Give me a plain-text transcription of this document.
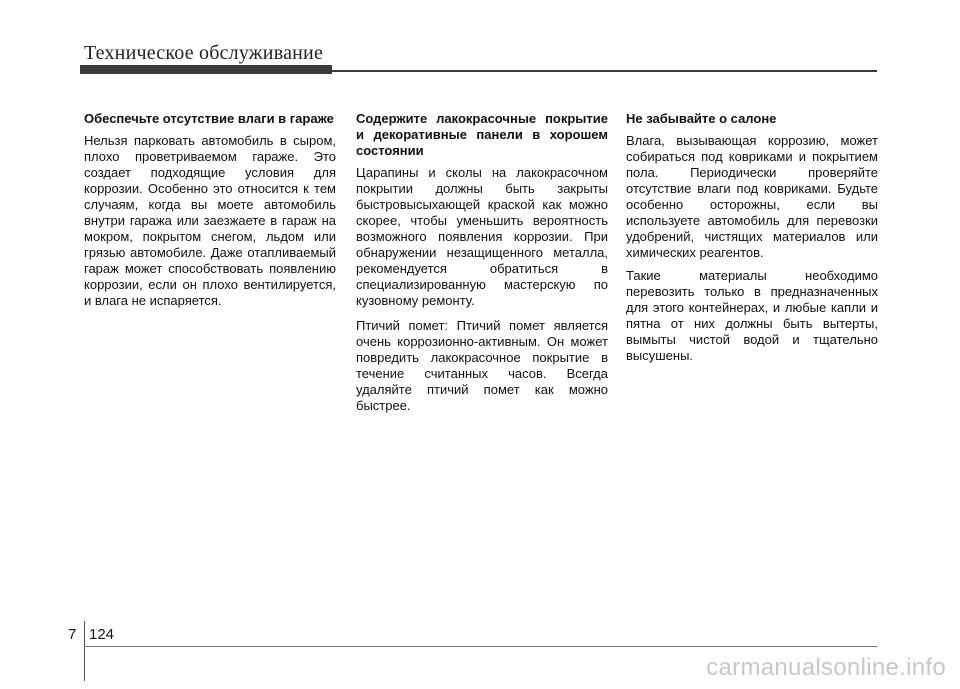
Техническое обслуживание
Обеспечьте отсутствие влаги в гараже

Нельзя парковать автомобиль в сыром, плохо проветриваемом гараже. Это создает подходящие условия для коррозии. Особенно это относится к тем случаям, когда вы моете автомобиль внутри гаража или заезжаете в гараж на мокром, покрытом снегом, льдом или грязью автомобиле. Даже отапливаемый гараж может способствовать появлению коррозии, если он плохо вентилируется, и влага не испаряется.

Содержите лакокрасочные покрытие и декоративные панели в хорошем состоянии

Царапины и сколы на лакокрасочном покрытии должны быть закрыты быстровысыхающей краской как можно скорее, чтобы уменьшить вероятность возможного появления коррозии. При обнаружении незащищенного металла, рекомендуется обратиться в специализированную мастерскую по кузовному ремонту.

Птичий помет: Птичий помет является очень коррозионно-активным. Он может повредить лакокрасочное покрытие в течение считанных часов. Всегда удаляйте птичий помет как можно быстрее.

Не забывайте о салоне

Влага, вызывающая коррозию, может собираться под ковриками и покрытием пола. Периодически проверяйте отсутствие влаги под ковриками. Будьте особенно осторожны, если вы используете автомобиль для перевозки удобрений, чистящих материалов или химических реагентов.

Такие материалы необходимо перевозить только в предназначенных для этого контейнерах, и любые капли и пятна от них должны быть вытерты, вымыты чистой водой и тщательно высушены.

7 124
carmanualsonline.info
